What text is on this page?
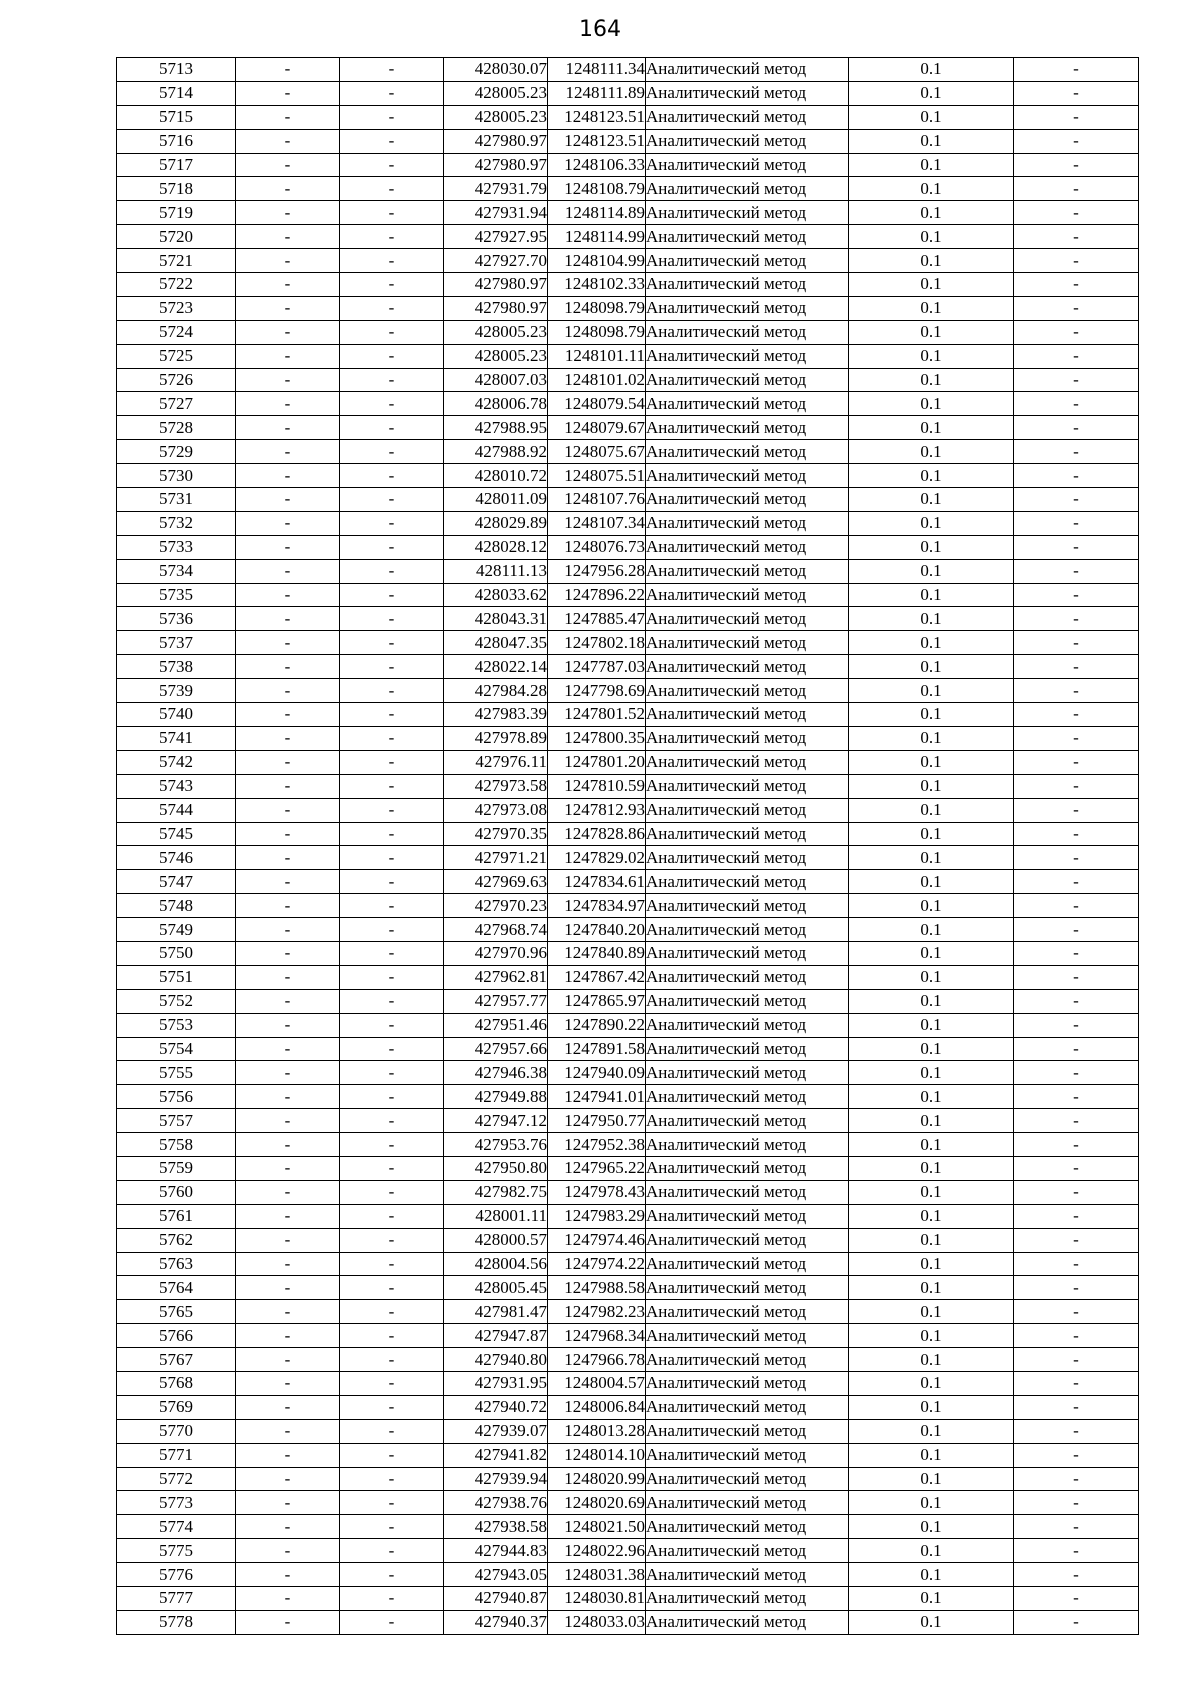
164
5713	-	-	428030.07	1248111.34	Аналитический метод	0.1	-
5714	-	-	428005.23	1248111.89	Аналитический метод	0.1	-
5715	-	-	428005.23	1248123.51	Аналитический метод	0.1	-
5716	-	-	427980.97	1248123.51	Аналитический метод	0.1	-
5717	-	-	427980.97	1248106.33	Аналитический метод	0.1	-
5718	-	-	427931.79	1248108.79	Аналитический метод	0.1	-
5719	-	-	427931.94	1248114.89	Аналитический метод	0.1	-
5720	-	-	427927.95	1248114.99	Аналитический метод	0.1	-
5721	-	-	427927.70	1248104.99	Аналитический метод	0.1	-
5722	-	-	427980.97	1248102.33	Аналитический метод	0.1	-
5723	-	-	427980.97	1248098.79	Аналитический метод	0.1	-
5724	-	-	428005.23	1248098.79	Аналитический метод	0.1	-
5725	-	-	428005.23	1248101.11	Аналитический метод	0.1	-
5726	-	-	428007.03	1248101.02	Аналитический метод	0.1	-
5727	-	-	428006.78	1248079.54	Аналитический метод	0.1	-
5728	-	-	427988.95	1248079.67	Аналитический метод	0.1	-
5729	-	-	427988.92	1248075.67	Аналитический метод	0.1	-
5730	-	-	428010.72	1248075.51	Аналитический метод	0.1	-
5731	-	-	428011.09	1248107.76	Аналитический метод	0.1	-
5732	-	-	428029.89	1248107.34	Аналитический метод	0.1	-
5733	-	-	428028.12	1248076.73	Аналитический метод	0.1	-
5734	-	-	428111.13	1247956.28	Аналитический метод	0.1	-
5735	-	-	428033.62	1247896.22	Аналитический метод	0.1	-
5736	-	-	428043.31	1247885.47	Аналитический метод	0.1	-
5737	-	-	428047.35	1247802.18	Аналитический метод	0.1	-
5738	-	-	428022.14	1247787.03	Аналитический метод	0.1	-
5739	-	-	427984.28	1247798.69	Аналитический метод	0.1	-
5740	-	-	427983.39	1247801.52	Аналитический метод	0.1	-
5741	-	-	427978.89	1247800.35	Аналитический метод	0.1	-
5742	-	-	427976.11	1247801.20	Аналитический метод	0.1	-
5743	-	-	427973.58	1247810.59	Аналитический метод	0.1	-
5744	-	-	427973.08	1247812.93	Аналитический метод	0.1	-
5745	-	-	427970.35	1247828.86	Аналитический метод	0.1	-
5746	-	-	427971.21	1247829.02	Аналитический метод	0.1	-
5747	-	-	427969.63	1247834.61	Аналитический метод	0.1	-
5748	-	-	427970.23	1247834.97	Аналитический метод	0.1	-
5749	-	-	427968.74	1247840.20	Аналитический метод	0.1	-
5750	-	-	427970.96	1247840.89	Аналитический метод	0.1	-
5751	-	-	427962.81	1247867.42	Аналитический метод	0.1	-
5752	-	-	427957.77	1247865.97	Аналитический метод	0.1	-
5753	-	-	427951.46	1247890.22	Аналитический метод	0.1	-
5754	-	-	427957.66	1247891.58	Аналитический метод	0.1	-
5755	-	-	427946.38	1247940.09	Аналитический метод	0.1	-
5756	-	-	427949.88	1247941.01	Аналитический метод	0.1	-
5757	-	-	427947.12	1247950.77	Аналитический метод	0.1	-
5758	-	-	427953.76	1247952.38	Аналитический метод	0.1	-
5759	-	-	427950.80	1247965.22	Аналитический метод	0.1	-
5760	-	-	427982.75	1247978.43	Аналитический метод	0.1	-
5761	-	-	428001.11	1247983.29	Аналитический метод	0.1	-
5762	-	-	428000.57	1247974.46	Аналитический метод	0.1	-
5763	-	-	428004.56	1247974.22	Аналитический метод	0.1	-
5764	-	-	428005.45	1247988.58	Аналитический метод	0.1	-
5765	-	-	427981.47	1247982.23	Аналитический метод	0.1	-
5766	-	-	427947.87	1247968.34	Аналитический метод	0.1	-
5767	-	-	427940.80	1247966.78	Аналитический метод	0.1	-
5768	-	-	427931.95	1248004.57	Аналитический метод	0.1	-
5769	-	-	427940.72	1248006.84	Аналитический метод	0.1	-
5770	-	-	427939.07	1248013.28	Аналитический метод	0.1	-
5771	-	-	427941.82	1248014.10	Аналитический метод	0.1	-
5772	-	-	427939.94	1248020.99	Аналитический метод	0.1	-
5773	-	-	427938.76	1248020.69	Аналитический метод	0.1	-
5774	-	-	427938.58	1248021.50	Аналитический метод	0.1	-
5775	-	-	427944.83	1248022.96	Аналитический метод	0.1	-
5776	-	-	427943.05	1248031.38	Аналитический метод	0.1	-
5777	-	-	427940.87	1248030.81	Аналитический метод	0.1	-
5778	-	-	427940.37	1248033.03	Аналитический метод	0.1	-
